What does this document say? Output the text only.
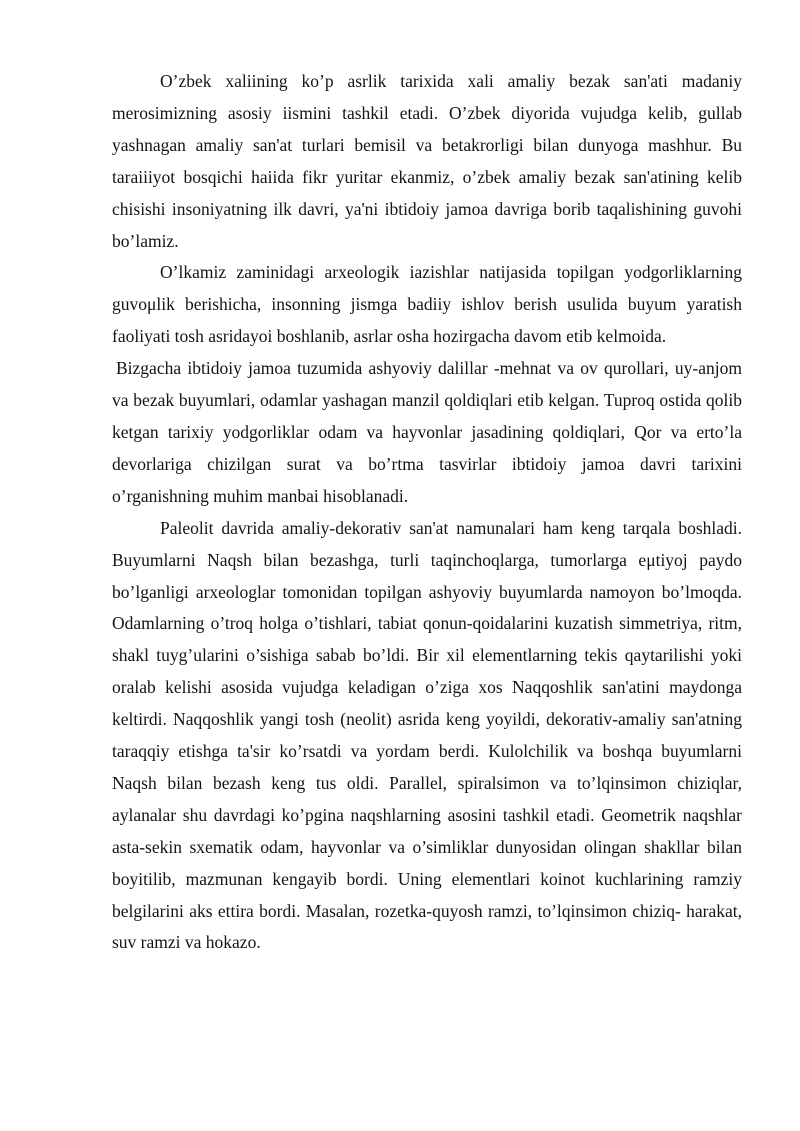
O’zbek xaliining ko’p asrlik tarixida xali amaliy bezak san'ati madaniy merosimizning asosiy iismini tashkil etadi. O’zbek diyorida vujudga kelib, gullab yashnagan amaliy san'at turlari bemisil va betakrorligi bilan dunyoga mashhur. Bu taraiiiyot bosqichi haiida fikr yuritar ekanmiz, o’zbek amaliy bezak san'atining kelib chisishi insoniyatning ilk davri, ya'ni ibtidoiy jamoa davriga borib taqalishining guvohi bo’lamiz.

O’lkamiz zaminidagi arxeologik iazishlar natijasida topilgan yodgorliklarning guvoμlik berishicha, insonning jismga badiiy ishlov berish usulida buyum yaratish faoliyati tosh asridayoi boshlanib, asrlar osha hozirgacha davom etib kelmoida.

Bizgacha ibtidoiy jamoa tuzumida ashyoviy dalillar -mehnat va ov qurollari, uy-anjom va bezak buyumlari, odamlar yashagan manzil qoldiqlari etib kelgan. Tuproq ostida qolib ketgan tarixiy yodgorliklar odam va hayvonlar jasadining qoldiqlari, Qor va erto’la devorlariga chizilgan surat va bo’rtma tasvirlar ibtidoiy jamoa davri tarixini o’rganishning muhim manbai hisoblanadi.

Paleolit davrida amaliy-dekorativ san'at namunalari ham keng tarqala boshladi. Buyumlarni Naqsh bilan bezashga, turli taqinchoqlarga, tumorlarga eμtiyoj paydo bo’lganligi arxeologlar tomonidan topilgan ashyoviy buyumlarda namoyon bo’lmoqda. Odamlarning o’troq holga o’tishlari, tabiat qonun-qoidalarini kuzatish simmetriya, ritm, shakl tuyg’ularini o’sishiga sabab bo’ldi. Bir xil elementlarning tekis qaytarilishi yoki oralab kelishi asosida vujudga keladigan o’ziga xos Naqqoshlik san'atini maydonga keltirdi. Naqqoshlik yangi tosh (neolit) asrida keng yoyildi, dekorativ-amaliy san'atning taraqqiy etishga ta'sir ko’rsatdi va yordam berdi. Kulolchilik va boshqa buyumlarni Naqsh bilan bezash keng tus oldi. Parallel, spiralsimon va to’lqinsimon chiziqlar, aylanalar shu davrdagi ko’pgina naqshlarning asosini tashkil etadi. Geometrik naqshlar asta-sekin sxematik odam, hayvonlar va o’simliklar dunyosidan olingan shakllar bilan boyitilib, mazmunan kengayib bordi. Uning elementlari koinot kuchlarining ramziy belgilarini aks ettira bordi. Masalan, rozetka-quyosh ramzi, to’lqinsimon chiziq- harakat, suv ramzi va hokazo.
